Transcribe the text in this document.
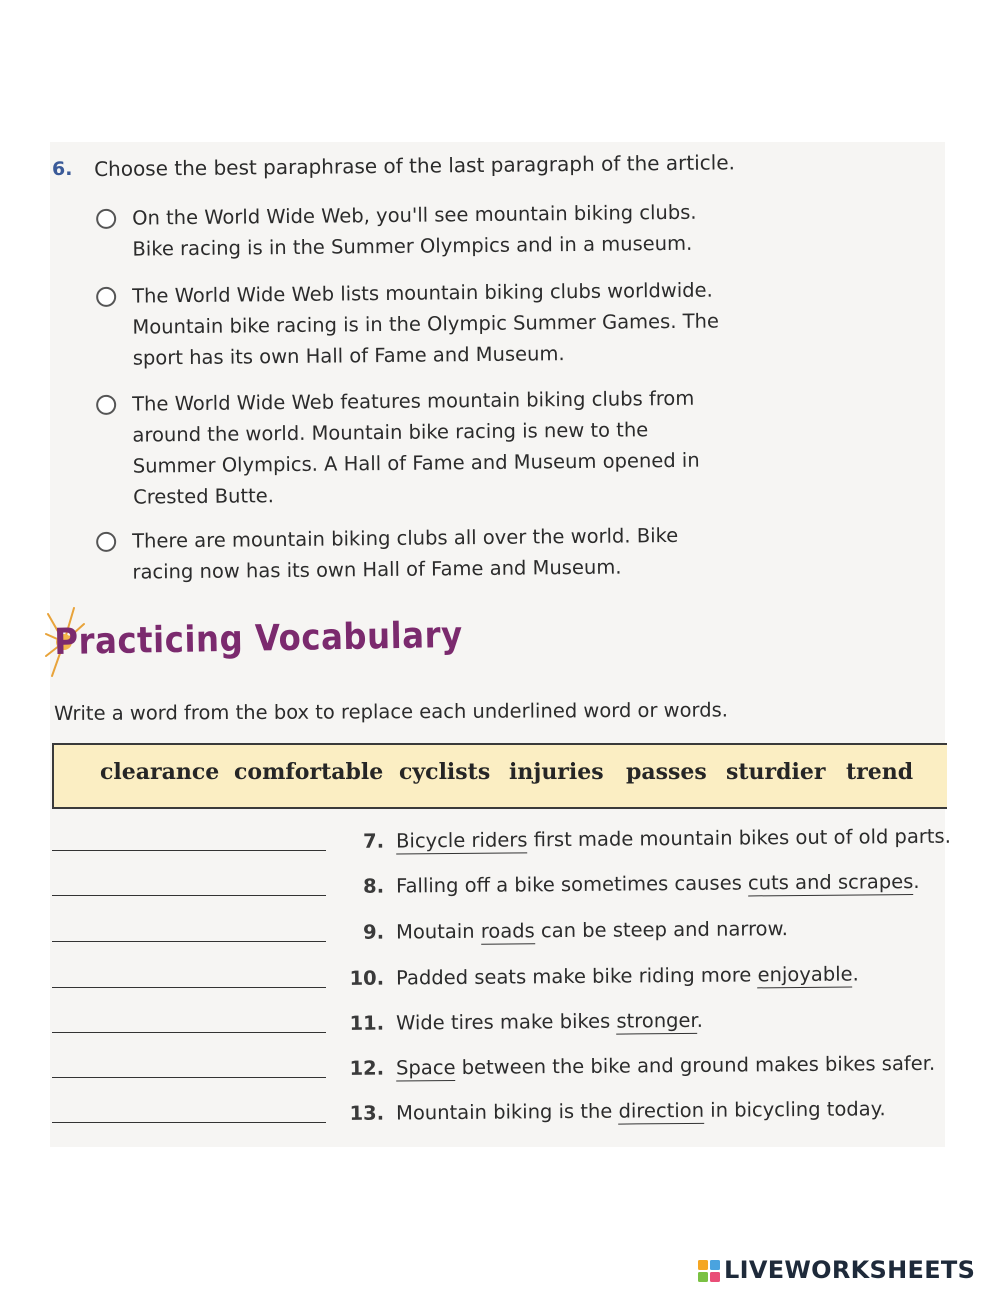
6. Choose the best paraphrase of the last paragraph of the article.
On the World Wide Web, you'll see mountain biking clubs.
Bike racing is in the Summer Olympics and in a museum.
The World Wide Web lists mountain biking clubs worldwide.
Mountain bike racing is in the Olympic Summer Games. The
sport has its own Hall of Fame and Museum.
The World Wide Web features mountain biking clubs from
around the world. Mountain bike racing is new to the
Summer Olympics. A Hall of Fame and Museum opened in
Crested Butte.
There are mountain biking clubs all over the world. Bike
racing now has its own Hall of Fame and Museum.
Practicing Vocabulary
Write a word from the box to replace each underlined word or words.
clearance comfortable cyclists injuries passes sturdier trend
7. Bicycle riders first made mountain bikes out of old parts.
8. Falling off a bike sometimes causes cuts and scrapes.
9. Moutain roads can be steep and narrow.
10. Padded seats make bike riding more enjoyable.
11. Wide tires make bikes stronger.
12. Space between the bike and ground makes bikes safer.
13. Mountain biking is the direction in bicycling today.
LIVEWORKSHEETS
